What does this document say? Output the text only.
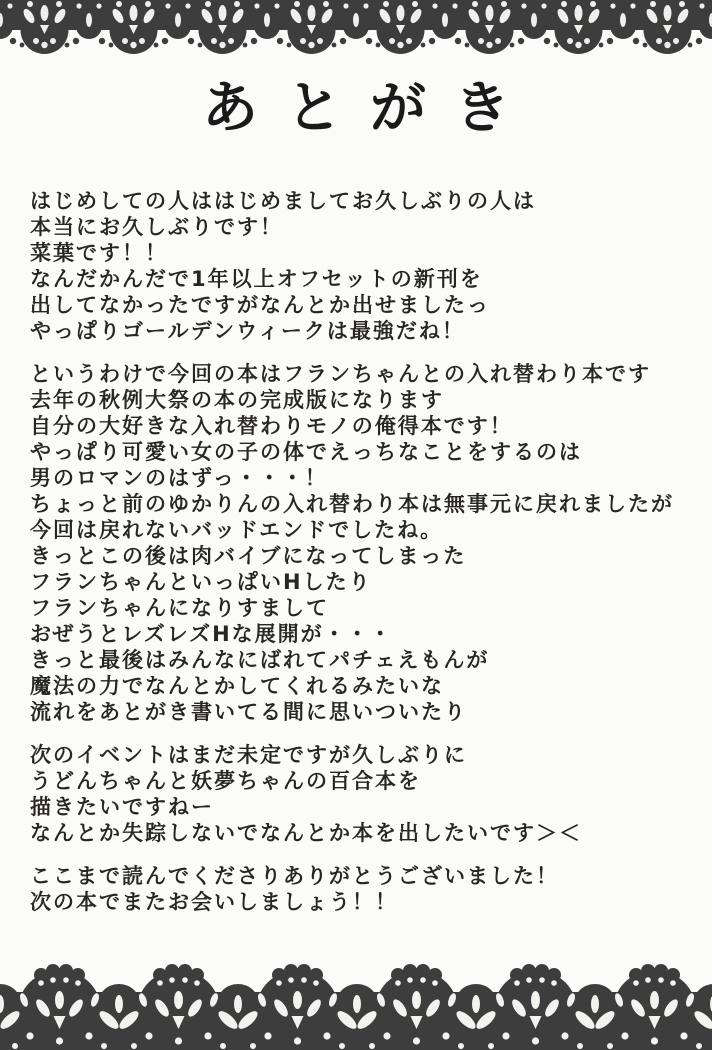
あとがき
はじめしての人ははじめましてお久しぶりの人は
本当にお久しぶりです！
菜葉です！！
なんだかんだで1年以上オフセットの新刊を
出してなかったですがなんとか出せましたっ
やっぱりゴールデンウィークは最強だね！
というわけで今回の本はフランちゃんとの入れ替わり本です
去年の秋例大祭の本の完成版になります
自分の大好きな入れ替わりモノの俺得本です！
やっぱり可愛い女の子の体でえっちなことをするのは
男のロマンのはずっ・・・！
ちょっと前のゆかりんの入れ替わり本は無事元に戻れましたが
今回は戻れないバッドエンドでしたね。
きっとこの後は肉バイブになってしまった
フランちゃんといっぱいHしたり
フランちゃんになりすまして
おぜうとレズレズHな展開が・・・
きっと最後はみんなにばれてパチェえもんが
魔法の力でなんとかしてくれるみたいな
流れをあとがき書いてる間に思いついたり
次のイベントはまだ未定ですが久しぶりに
うどんちゃんと妖夢ちゃんの百合本を
描きたいですねー
なんとか失踪しないでなんとか本を出したいです＞＜
ここまで読んでくださりありがとうございました！
次の本でまたお会いしましょう！！
